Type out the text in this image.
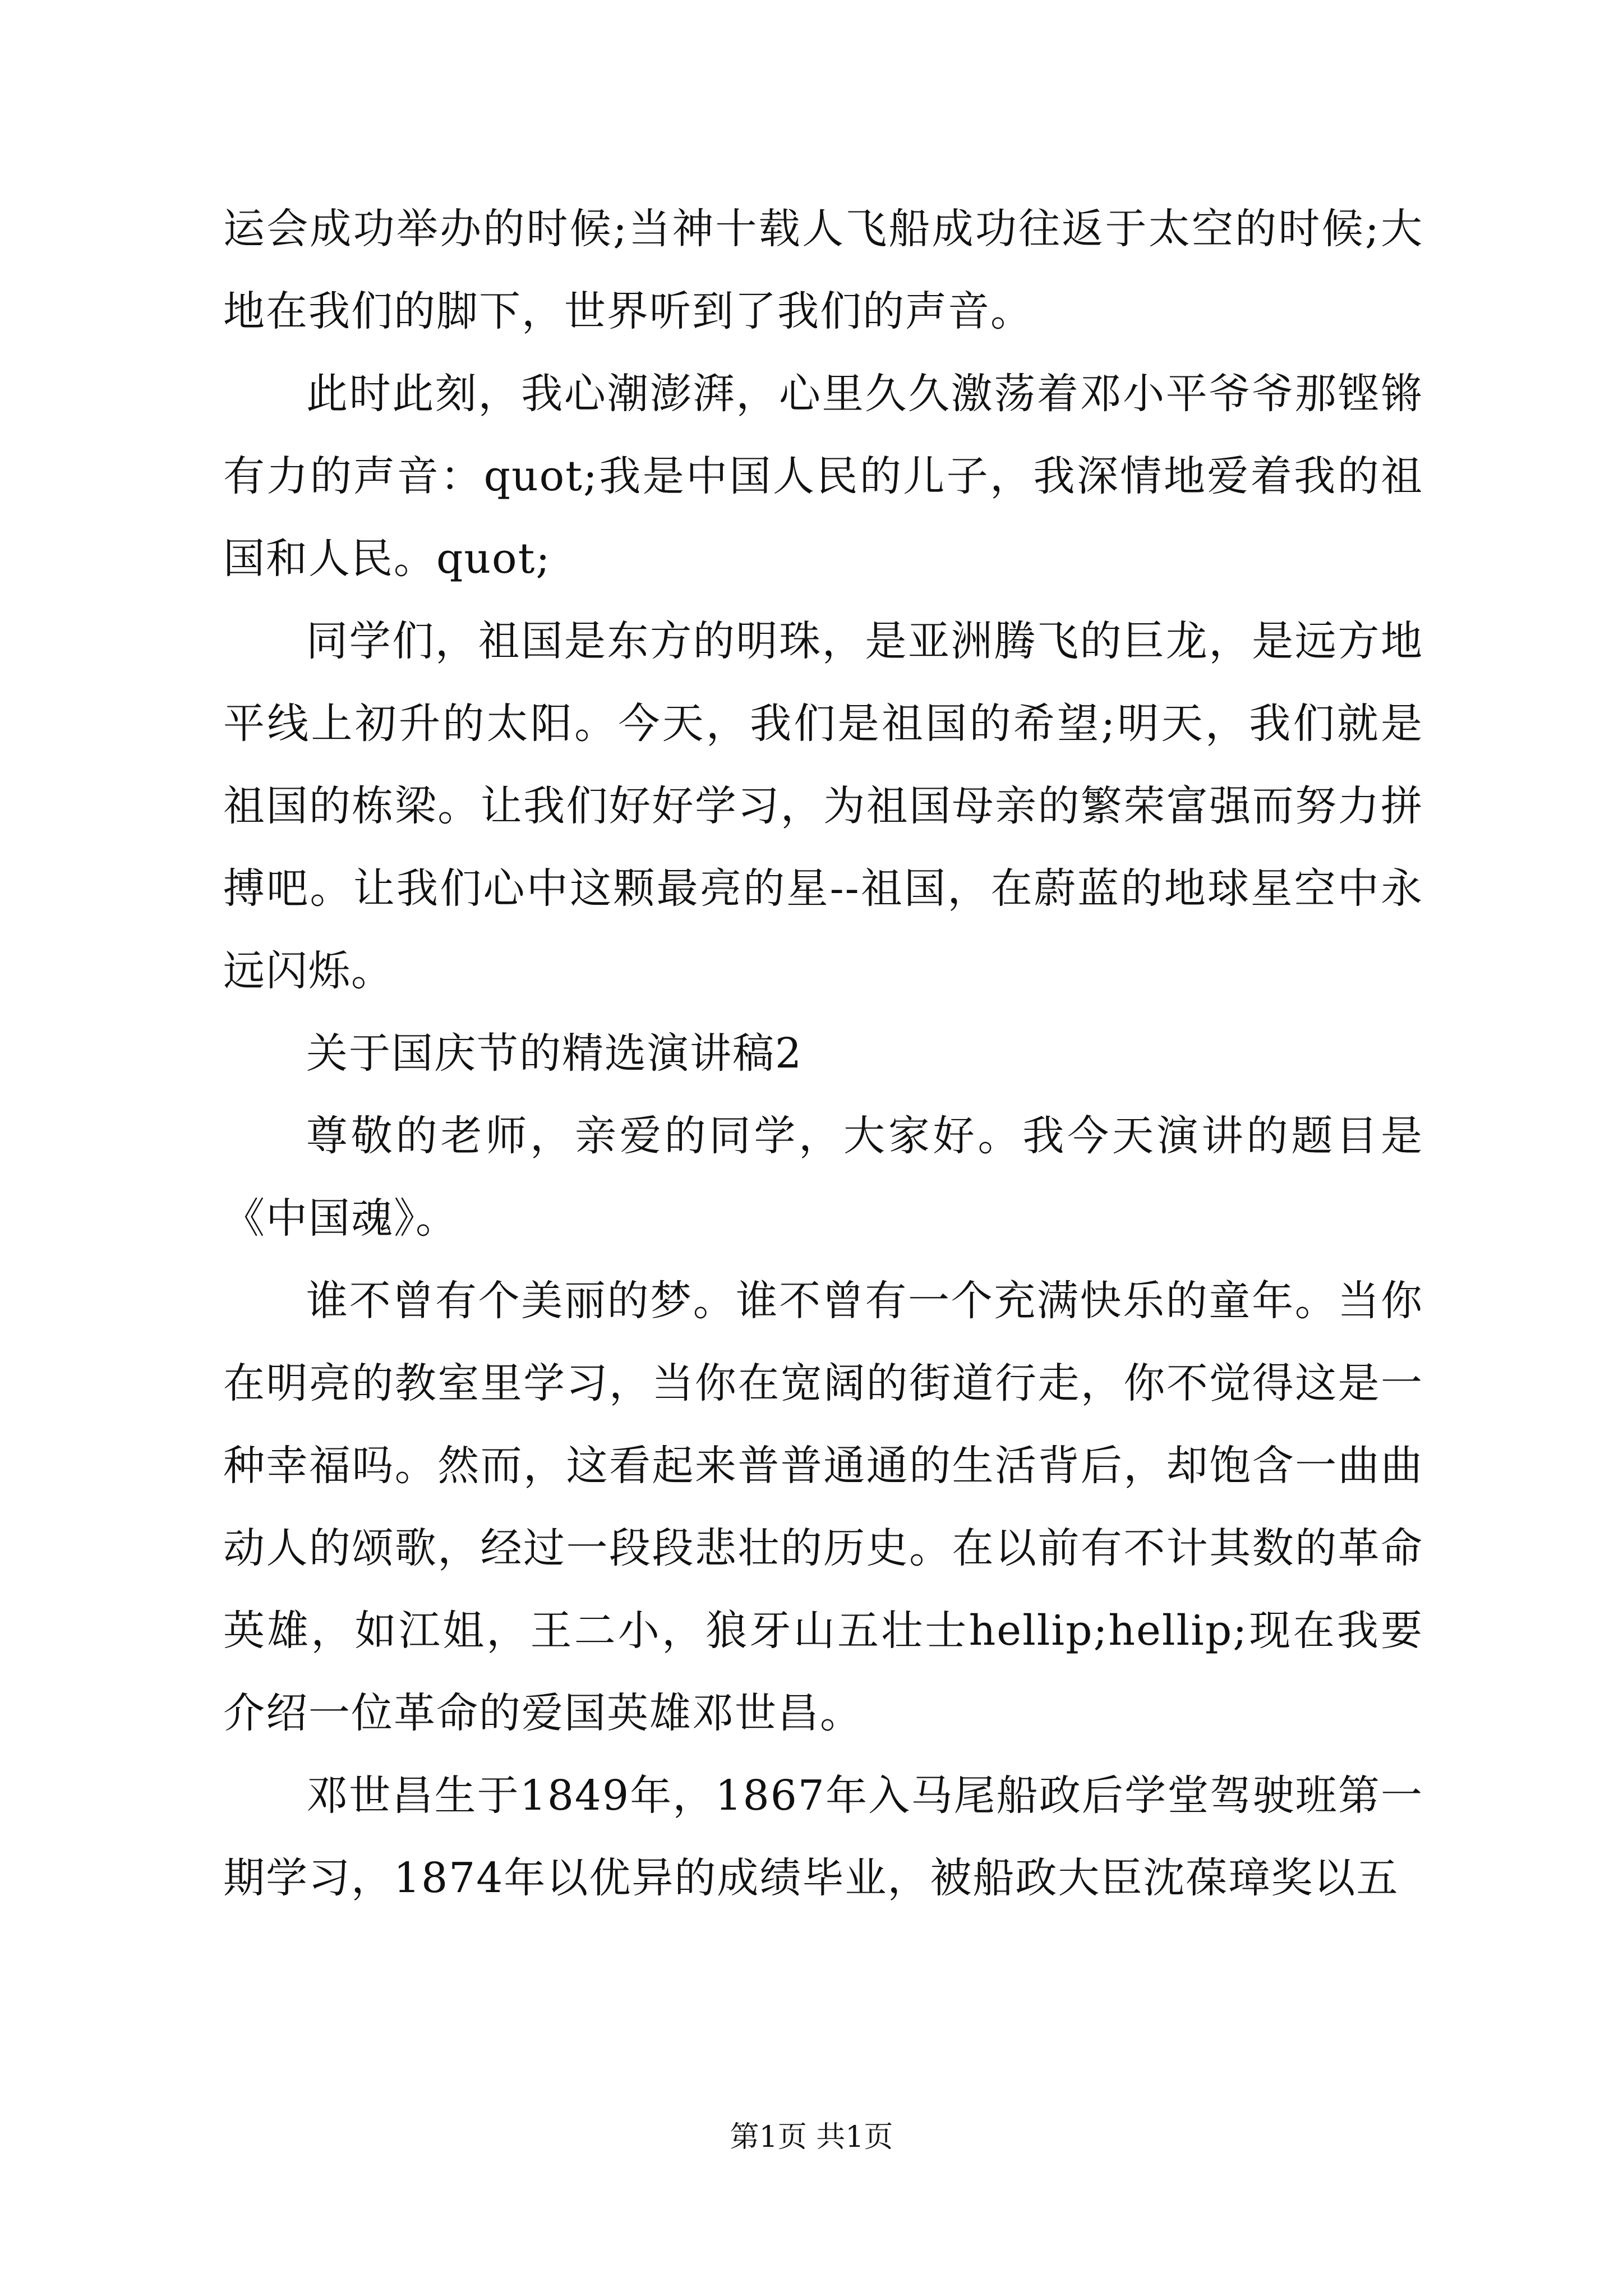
运会成功举办的时候;当神十载人飞船成功往返于太空的时候;大地在我们的脚下，世界听到了我们的声音。

此时此刻，我心潮澎湃，心里久久激荡着邓小平爷爷那铿锵有力的声音：quot;我是中国人民的儿子，我深情地爱着我的祖国和人民。quot;

同学们，祖国是东方的明珠，是亚洲腾飞的巨龙，是远方地平线上初升的太阳。今天，我们是祖国的希望;明天，我们就是祖国的栋梁。让我们好好学习，为祖国母亲的繁荣富强而努力拼搏吧。让我们心中这颗最亮的星--祖国，在蔚蓝的地球星空中永远闪烁。

关于国庆节的精选演讲稿2

尊敬的老师，亲爱的同学，大家好。我今天演讲的题目是《中国魂》。

谁不曾有个美丽的梦。谁不曾有一个充满快乐的童年。当你在明亮的教室里学习，当你在宽阔的街道行走，你不觉得这是一种幸福吗。然而，这看起来普普通通的生活背后，却饱含一曲曲动人的颂歌，经过一段段悲壮的历史。在以前有不计其数的革命英雄，如江姐，王二小，狼牙山五壮士hellip;hellip;现在我要介绍一位革命的爱国英雄邓世昌。

邓世昌生于1849年，1867年入马尾船政后学堂驾驶班第一期学习，1874年以优异的成绩毕业，被船政大臣沈葆璋奖以五

第1页 共1页
